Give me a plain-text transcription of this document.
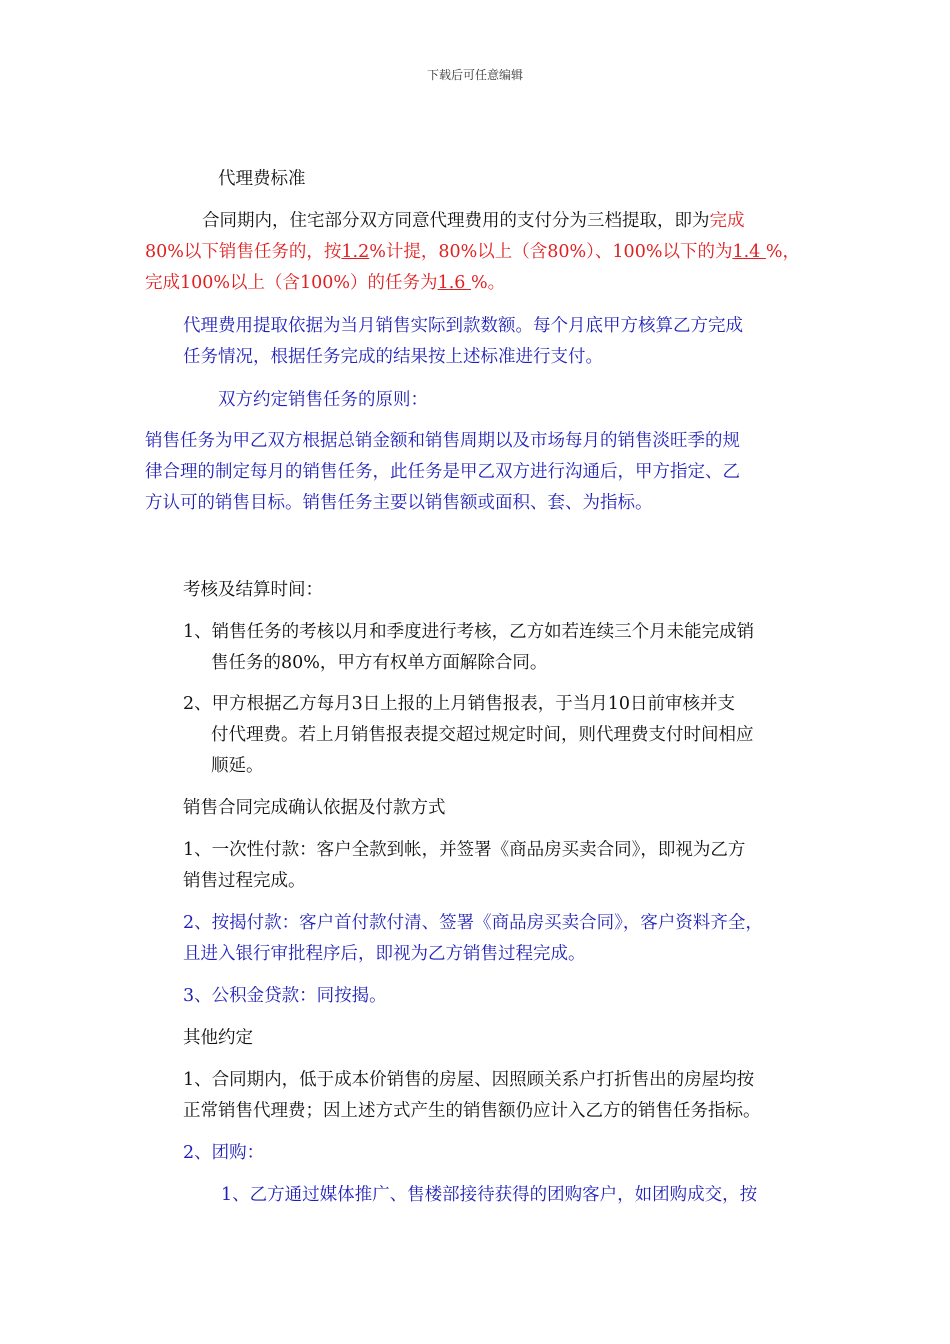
下载后可任意编辑

代理费标准

合同期内，住宅部分双方同意代理费用的支付分为三档提取，即为完成

80%以下销售任务的，按1.2%计提，80%以上（含80%）、100%以下的为1.4 %，

完成100%以上（含100%）的任务为1.6 %。

代理费用提取依据为当月销售实际到款数额。每个月底甲方核算乙方完成

任务情况，根据任务完成的结果按上述标准进行支付。

双方约定销售任务的原则：

销售任务为甲乙双方根据总销金额和销售周期以及市场每月的销售淡旺季的规

律合理的制定每月的销售任务，此任务是甲乙双方进行沟通后，甲方指定、乙

方认可的销售目标。销售任务主要以销售额或面积、套、为指标。

考核及结算时间：

1、销售任务的考核以月和季度进行考核，乙方如若连续三个月未能完成销

售任务的80%，甲方有权单方面解除合同。

2、甲方根据乙方每月3日上报的上月销售报表，于当月10日前审核并支

付代理费。若上月销售报表提交超过规定时间，则代理费支付时间相应

顺延。

销售合同完成确认依据及付款方式

1、一次性付款：客户全款到帐，并签署《商品房买卖合同》，即视为乙方

销售过程完成。

2、按揭付款：客户首付款付清、签署《商品房买卖合同》，客户资料齐全，

且进入银行审批程序后，即视为乙方销售过程完成。

3、公积金贷款：同按揭。

其他约定

1、合同期内，低于成本价销售的房屋、因照顾关系户打折售出的房屋均按

正常销售代理费；因上述方式产生的销售额仍应计入乙方的销售任务指标。

2、团购：

1、乙方通过媒体推广、售楼部接待获得的团购客户，如团购成交，按
